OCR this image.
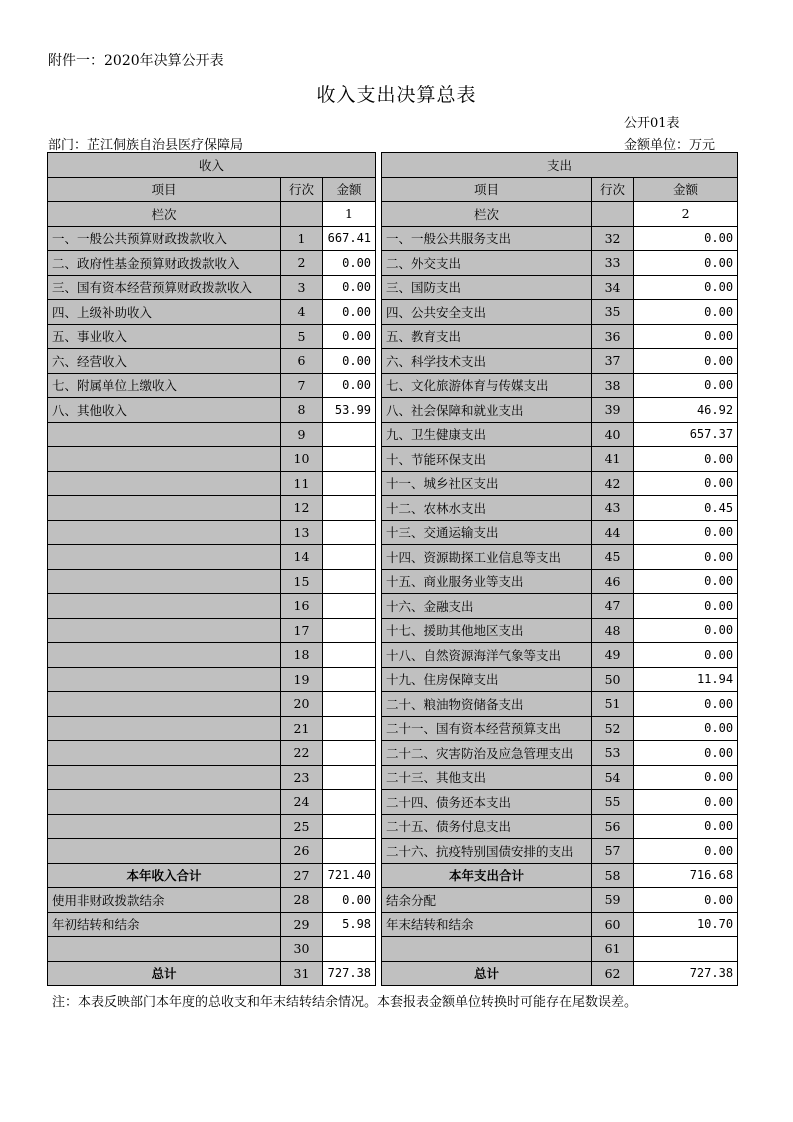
附件一：2020年决算公开表
收入支出决算总表
公开01表
部门：芷江侗族自治县医疗保障局	金额单位：万元
收入				支出		
项目	行次	金额		项目	行次	金额
栏次		1		栏次		2
一、一般公共预算财政拨款收入	1	667.41		一、一般公共服务支出	32	0.00
二、政府性基金预算财政拨款收入	2	0.00		二、外交支出	33	0.00
三、国有资本经营预算财政拨款收入	3	0.00		三、国防支出	34	0.00
四、上级补助收入	4	0.00		四、公共安全支出	35	0.00
五、事业收入	5	0.00		五、教育支出	36	0.00
六、经营收入	6	0.00		六、科学技术支出	37	0.00
七、附属单位上缴收入	7	0.00		七、文化旅游体育与传媒支出	38	0.00
八、其他收入	8	53.99		八、社会保障和就业支出	39	46.92
	9			九、卫生健康支出	40	657.37
	10			十、节能环保支出	41	0.00
	11			十一、城乡社区支出	42	0.00
	12			十二、农林水支出	43	0.45
	13			十三、交通运输支出	44	0.00
	14			十四、资源勘探工业信息等支出	45	0.00
	15			十五、商业服务业等支出	46	0.00
	16			十六、金融支出	47	0.00
	17			十七、援助其他地区支出	48	0.00
	18			十八、自然资源海洋气象等支出	49	0.00
	19			十九、住房保障支出	50	11.94
	20			二十、粮油物资储备支出	51	0.00
	21			二十一、国有资本经营预算支出	52	0.00
	22			二十二、灾害防治及应急管理支出	53	0.00
	23			二十三、其他支出	54	0.00
	24			二十四、债务还本支出	55	0.00
	25			二十五、债务付息支出	56	0.00
	26			二十六、抗疫特别国债安排的支出	57	0.00
本年收入合计	27	721.40		本年支出合计	58	716.68
使用非财政拨款结余	28	0.00		结余分配	59	0.00
年初结转和结余	29	5.98		年末结转和结余	60	10.70
	30				61	
总计	31	727.38		总计	62	727.38
注：本表反映部门本年度的总收支和年末结转结余情况。本套报表金额单位转换时可能存在尾数误差。
